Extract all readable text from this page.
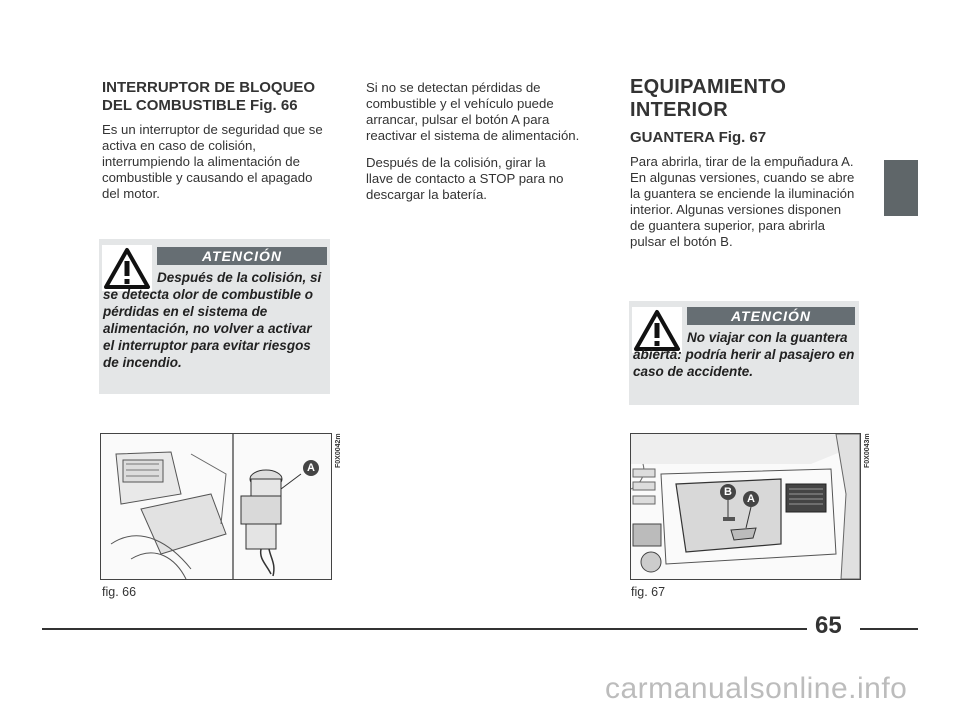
INTERRUPTOR DE BLOQUEO
DEL COMBUSTIBLE Fig. 66

Es un interruptor de seguridad que se activa en caso de colisión, interrumpiendo la alimentación de combustible y causando el apagado del motor.

ATENCIÓN
Después de la colisión, si se detecta olor de combustible o pérdidas en el sistema de alimentación, no volver a activar el interruptor para evitar riesgos de incendio.
A	F0X0042m
fig. 66

Si no se detectan pérdidas de combustible y el vehículo puede arrancar, pulsar el botón A para reactivar el sistema de alimentación.

Después de la colisión, girar la llave de contacto a STOP para no descargar la batería.

EQUIPAMIENTO
INTERIOR
GUANTERA Fig. 67

Para abrirla, tirar de la empuñadura A. En algunas versiones, cuando se abre la guantera se enciende la iluminación interior. Algunas versiones disponen de guantera superior, para abrirla pulsar el botón B.

ATENCIÓN
No viajar con la guantera abierta: podría herir al pasajero en caso de accidente.
B
A
F0X0043m
fig. 67
65
carmanualsonline.info
